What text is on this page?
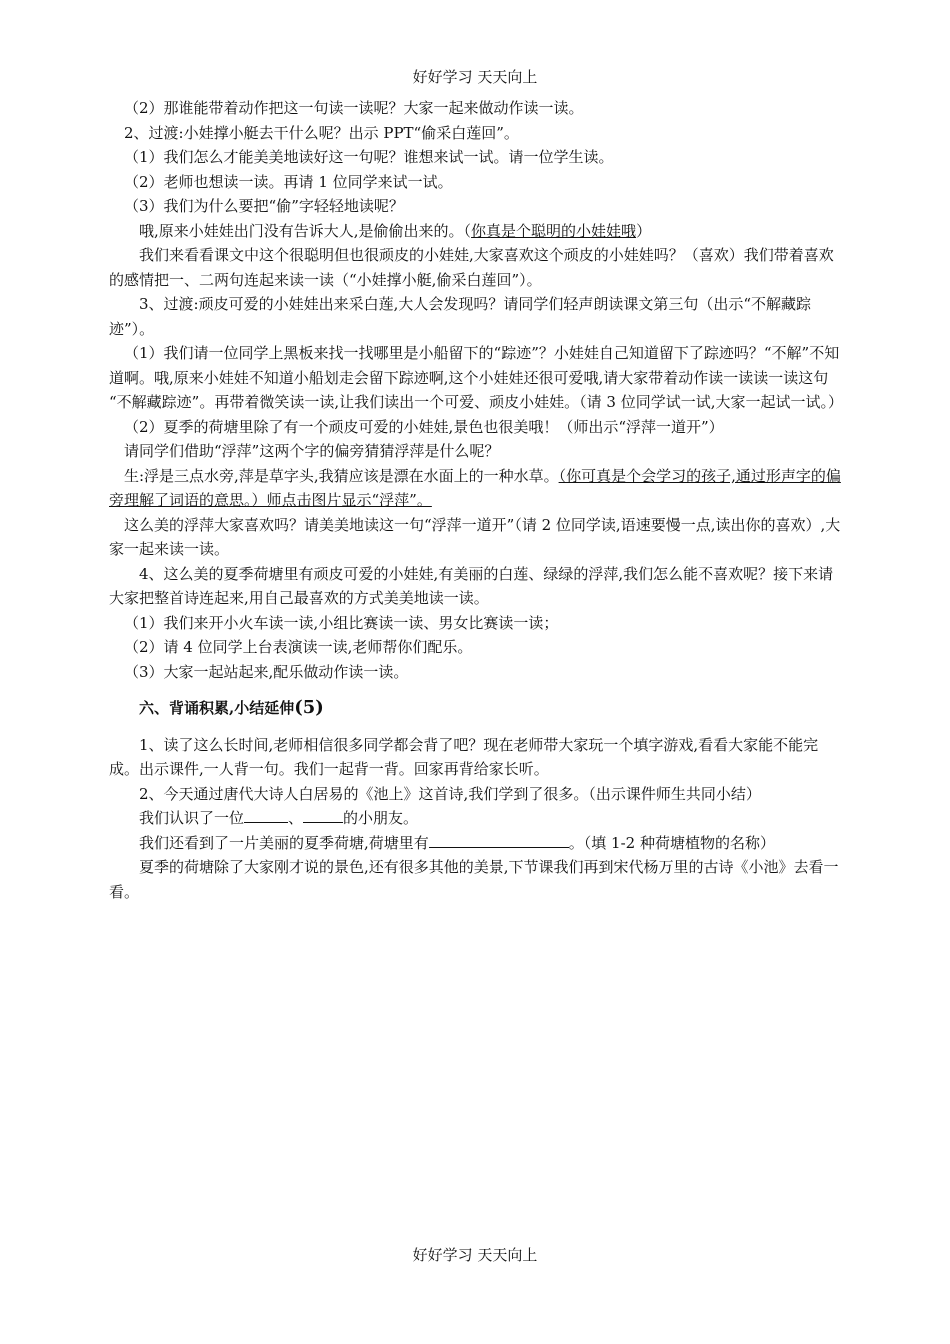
好好学习 天天向上

（2）那谁能带着动作把这一句读一读呢？大家一起来做动作读一读。

2、过渡:小娃撑小艇去干什么呢？出示 PPT“偷采白莲回”。

（1）我们怎么才能美美地读好这一句呢？谁想来试一试。请一位学生读。

（2）老师也想读一读。再请 1 位同学来试一试。

（3）我们为什么要把“偷”字轻轻地读呢？

哦,原来小娃娃出门没有告诉大人,是偷偷出来的。（你真是个聪明的小娃娃哦）

我们来看看课文中这个很聪明但也很顽皮的小娃娃,大家喜欢这个顽皮的小娃娃吗？（喜欢）我们带着喜欢的感情把一、二两句连起来读一读（“小娃撑小艇,偷采白莲回”）。

3、过渡:顽皮可爱的小娃娃出来采白莲,大人会发现吗？请同学们轻声朗读课文第三句（出示“不解藏踪迹”）。

（1）我们请一位同学上黑板来找一找哪里是小船留下的“踪迹”？小娃娃自己知道留下了踪迹吗？“不解”不知道啊。哦,原来小娃娃不知道小船划走会留下踪迹啊,这个小娃娃还很可爱哦,请大家带着动作读一读读一读这句 “不解藏踪迹”。再带着微笑读一读,让我们读出一个可爱、顽皮小娃娃。（请 3 位同学试一试,大家一起试一试。）

（2）夏季的荷塘里除了有一个顽皮可爱的小娃娃,景色也很美哦！（师出示“浮萍一道开”）

请同学们借助“浮萍”这两个字的偏旁猜猜浮萍是什么呢？

生:浮是三点水旁,萍是草字头,我猜应该是漂在水面上的一种水草。（你可真是个会学习的孩子,通过形声字的偏旁理解了词语的意思。）师点击图片显示“浮萍”。

这么美的浮萍大家喜欢吗？请美美地读这一句“浮萍一道开”（请 2 位同学读,语速要慢一点,读出你的喜欢）,大家一起来读一读。

4、这么美的夏季荷塘里有顽皮可爱的小娃娃,有美丽的白莲、绿绿的浮萍,我们怎么能不喜欢呢？接下来请大家把整首诗连起来,用自己最喜欢的方式美美地读一读。

（1）我们来开小火车读一读,小组比赛读一读、男女比赛读一读；

（2）请 4 位同学上台表演读一读,老师帮你们配乐。

（3）大家一起站起来,配乐做动作读一读。

六、背诵积累,小结延伸(5)

1、读了这么长时间,老师相信很多同学都会背了吧？现在老师带大家玩一个填字游戏,看看大家能不能完成。出示课件,一人背一句。我们一起背一背。回家再背给家长听。

2、今天通过唐代大诗人白居易的《池上》这首诗,我们学到了很多。（出示课件师生共同小结）

我们认识了一位	、	的小朋友。

我们还看到了一片美丽的夏季荷塘,荷塘里有	。（填 1-2 种荷塘植物的名称）

夏季的荷塘除了大家刚才说的景色,还有很多其他的美景,下节课我们再到宋代杨万里的古诗《小池》去看一看。

好好学习 天天向上
